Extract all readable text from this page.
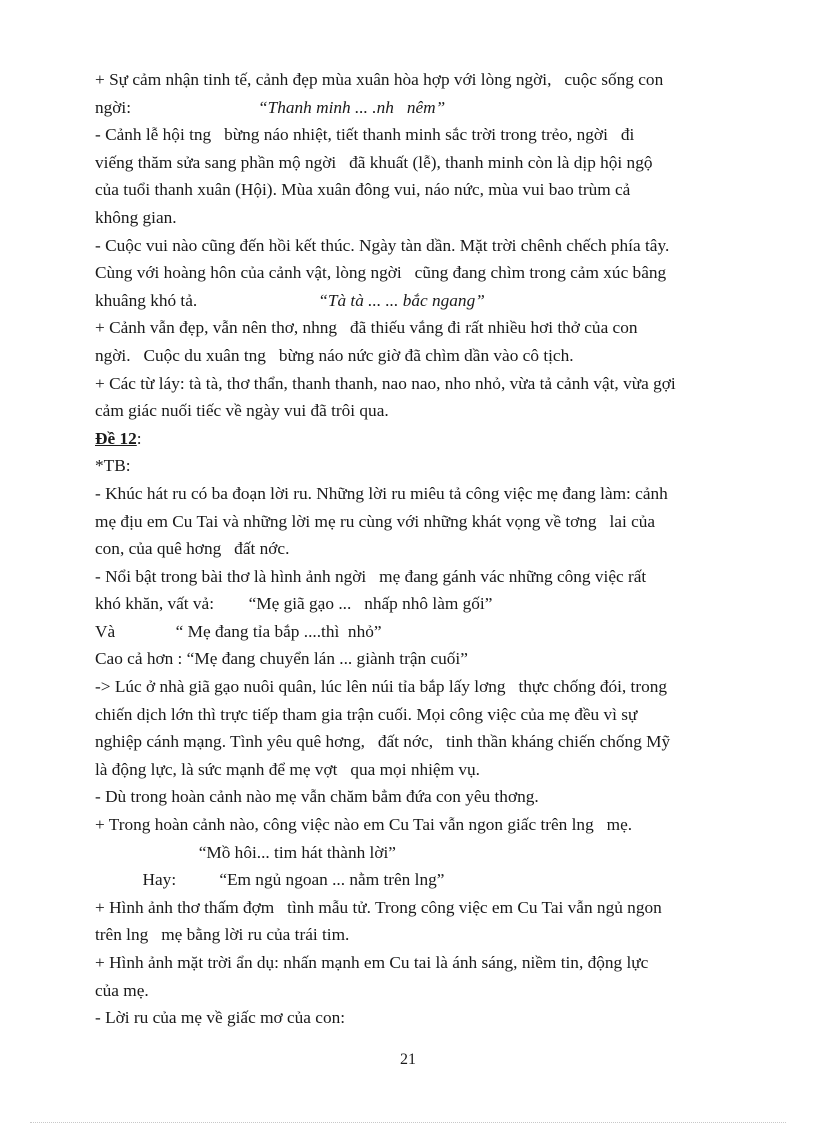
+ Sự cảm nhận tinh tế, cảnh đẹp mùa xuân hòa hợp với lòng ngời,   cuộc sống con
ngời:	“Thanh minh ... .nh   nêm”
- Cảnh lễ hội tng   bừng náo nhiệt, tiết thanh minh sắc trời trong trẻo, ngời   đi
viếng thăm sửa sang phần mộ ngời   đã khuất (lễ), thanh minh còn là dịp hội ngộ
của tuổi thanh xuân (Hội). Mùa xuân đông vui, náo nức, mùa vui bao trùm cả
không gian.
- Cuộc vui nào cũng đến hồi kết thúc. Ngày tàn dần. Mặt trời chênh chếch phía tây.
Cùng với hoàng hôn của cảnh vật, lòng ngời   cũng đang chìm trong cảm xúc bâng
khuâng khó tả.	“Tà tà ... ... bắc ngang”
+ Cảnh vẫn đẹp, vẫn nên thơ, nhng   đã thiếu vắng đi rất nhiều hơi thở của con
ngời.   Cuộc du xuân tng   bừng náo nức giờ đã chìm dần vào cô tịch.
+ Các từ láy: tà tà, thơ thẩn, thanh thanh, nao nao, nho nhỏ, vừa tả cảnh vật, vừa gợi
cảm giác nuối tiếc về ngày vui đã trôi qua.
Đề 12:
*TB:
- Khúc hát ru có ba đoạn lời ru. Những lời ru miêu tả công việc mẹ đang làm: cảnh
mẹ địu em Cu Tai và những lời mẹ ru cùng với những khát vọng về tơng   lai của
con, của quê hơng   đất nớc.
- Nổi bật trong bài thơ là hình ảnh ngời   mẹ đang gánh vác những công việc rất
khó khăn, vất vả:        “Mẹ giã gạo ...   nhấp nhô làm gối”
Và              “ Mẹ đang tỉa bắp ....thì  nhỏ”
Cao cả hơn : “Mẹ đang chuyển lán ... giành trận cuối”
-> Lúc ở nhà giã gạo nuôi quân, lúc lên núi tỉa bắp lấy lơng   thực chống đói, trong
chiến dịch lớn thì trực tiếp tham gia trận cuối. Mọi công việc của mẹ đều vì sự
nghiệp cánh mạng. Tình yêu quê hơng,   đất nớc,   tinh thần kháng chiến chống Mỹ
là động lực, là sức mạnh để mẹ vợt   qua mọi nhiệm vụ.
- Dù trong hoàn cảnh nào mẹ vẫn chăm bẳm đứa con yêu thơng.
+ Trong hoàn cảnh nào, công việc nào em Cu Tai vẫn ngon giấc trên lng   mẹ.
“Mồ hôi... tim hát thành lời”
Hay:          “Em ngủ ngoan ... nằm trên lng”
+ Hình ảnh thơ thấm đợm   tình mẫu tử. Trong công việc em Cu Tai vẫn ngủ ngon
trên lng   mẹ bằng lời ru của trái tim.
+ Hình ảnh mặt trời ẩn dụ: nhấn mạnh em Cu tai là ánh sáng, niềm tin, động lực
của mẹ.
- Lời ru của mẹ về giấc mơ của con:
21
